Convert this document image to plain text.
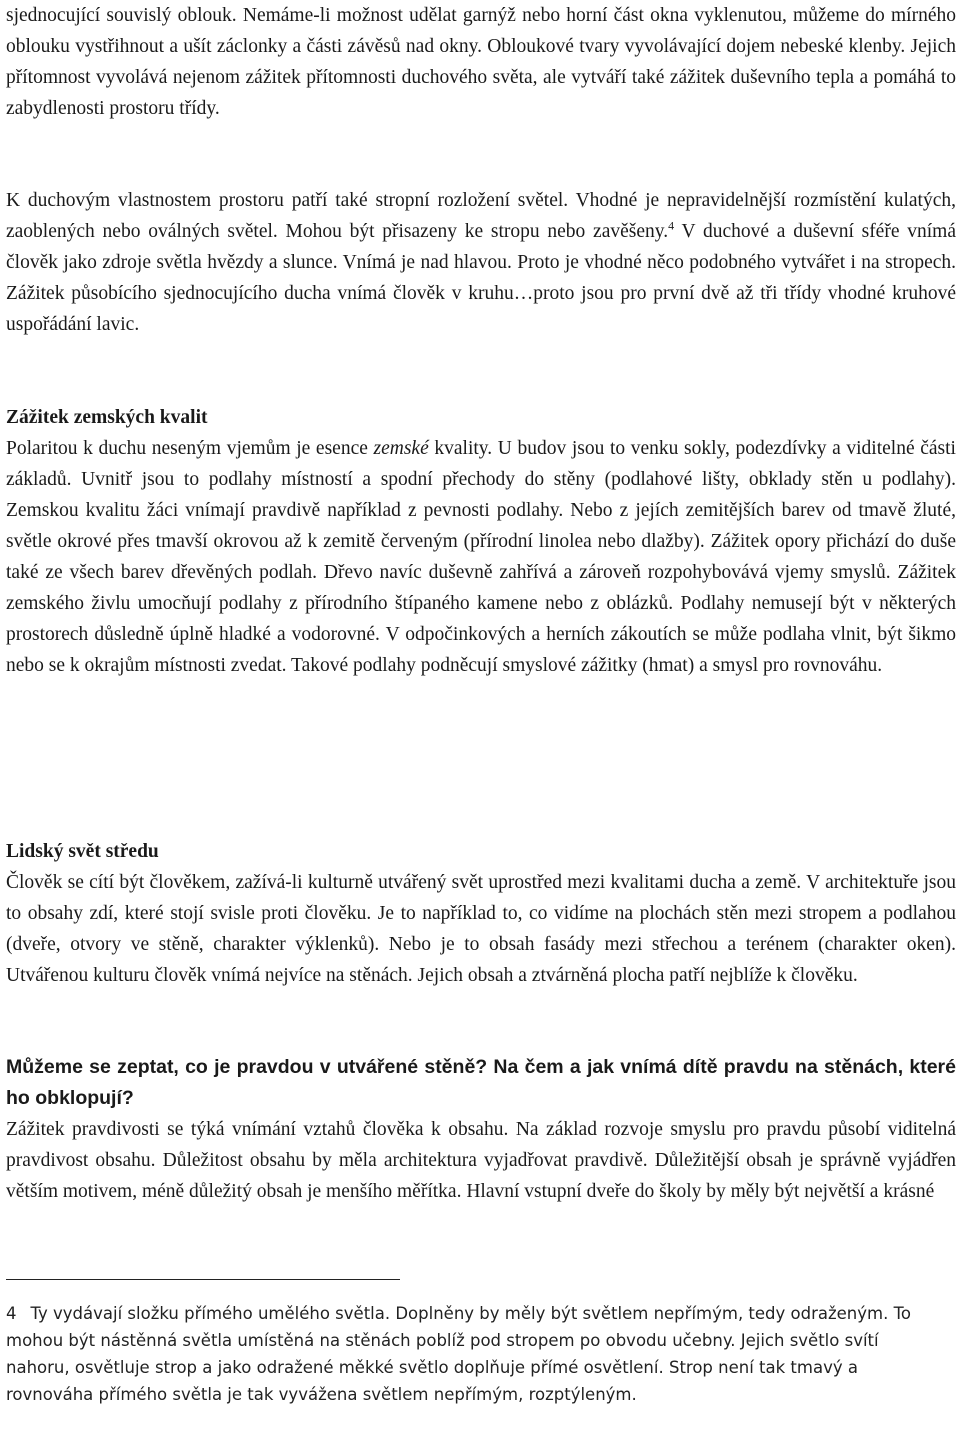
sjednocující souvislý oblouk. Nemáme-li možnost udělat garnýž nebo horní část okna vyklenutou, můžeme do mírného oblouku vystřihnout a ušít záclonky a části závěsů nad okny. Obloukové tvary vyvolávající dojem nebeské klenby. Jejich přítomnost vyvolává nejenom zážitek přítomnosti duchového světa, ale vytváří také zážitek duševního tepla a pomáhá to zabydlenosti prostoru třídy.

K duchovým vlastnostem prostoru patří také stropní rozložení světel. Vhodné je nepravidelnější rozmístění kulatých, zaoblených nebo oválných světel. Mohou být přisazeny ke stropu nebo zavěšeny.$^4$ V duchové a duševní sféře vnímá člověk jako zdroje světla hvězdy a slunce. Vnímá je nad hlavou. Proto je vhodné něco podobného vytvářet i na stropech. Zážitek působícího sjednocujícího ducha vnímá člověk v kruhu…proto jsou pro první dvě až tři třídy vhodné kruhové uspořádání lavic.

Zážitek zemských kvalit

Polaritou k duchu neseným vjemům je esence zemské kvality. U budov jsou to venku sokly, podezdívky a viditelné části základů. Uvnitř jsou to podlahy místností a spodní přechody do stěny (podlahové lišty, obklady stěn u podlahy). Zemskou kvalitu žáci vnímají pravdivě například z pevnosti podlahy. Nebo z jejích zemitějších barev od tmavě žluté, světle okrové přes tmavší okrovou až k zemitě červeným (přírodní linolea nebo dlažby). Zážitek opory přichází do duše také ze všech barev dřevěných podlah. Dřevo navíc duševně zahřívá a zároveň rozpohybovává vjemy smyslů. Zážitek zemského živlu umocňují podlahy z přírodního štípaného kamene nebo z oblázků. Podlahy nemusejí být v některých prostorech důsledně úplně hladké a vodorovné. V odpočinkových a herních zákoutích se může podlaha vlnit, být šikmo nebo se k okrajům místnosti zvedat. Takové podlahy podněcují smyslové zážitky (hmat) a smysl pro rovnováhu.

Lidský svět středu

Člověk se cítí být člověkem, zažívá-li kulturně utvářený svět uprostřed mezi kvalitami ducha a země. V architektuře jsou to obsahy zdí, které stojí svisle proti člověku. Je to například to, co vidíme na plochách stěn mezi stropem a podlahou (dveře, otvory ve stěně, charakter výklenků). Nebo je to obsah fasády mezi střechou a terénem (charakter oken). Utvářenou kulturu člověk vnímá nejvíce na stěnách. Jejich obsah a ztvárněná plocha patří nejblíže k člověku.

Můžeme se zeptat, co je pravdou v utvářené stěně? Na čem a jak vnímá dítě pravdu na stěnách, které ho obklopují?

Zážitek pravdivosti se týká vnímání vztahů člověka k obsahu. Na základ rozvoje smyslu pro pravdu působí viditelná pravdivost obsahu. Důležitost obsahu by měla architektura vyjadřovat pravdivě. Důležitější obsah je správně vyjádřen větším motivem, méně důležitý obsah je menšího měřítka. Hlavní vstupní dveře do školy by měly být největší a krásné

4 Ty vydávají složku přímého umělého světla. Doplněny by měly být světlem nepřímým, tedy odraženým. To mohou být nástěnná světla umístěná na stěnách poblíž pod stropem po obvodu učebny. Jejich světlo svítí nahoru, osvětluje strop a jako odražené měkké světlo doplňuje přímé osvětlení. Strop není tak tmavý a rovnováha přímého světla je tak vyvážena světlem nepřímým, rozptýleným.
